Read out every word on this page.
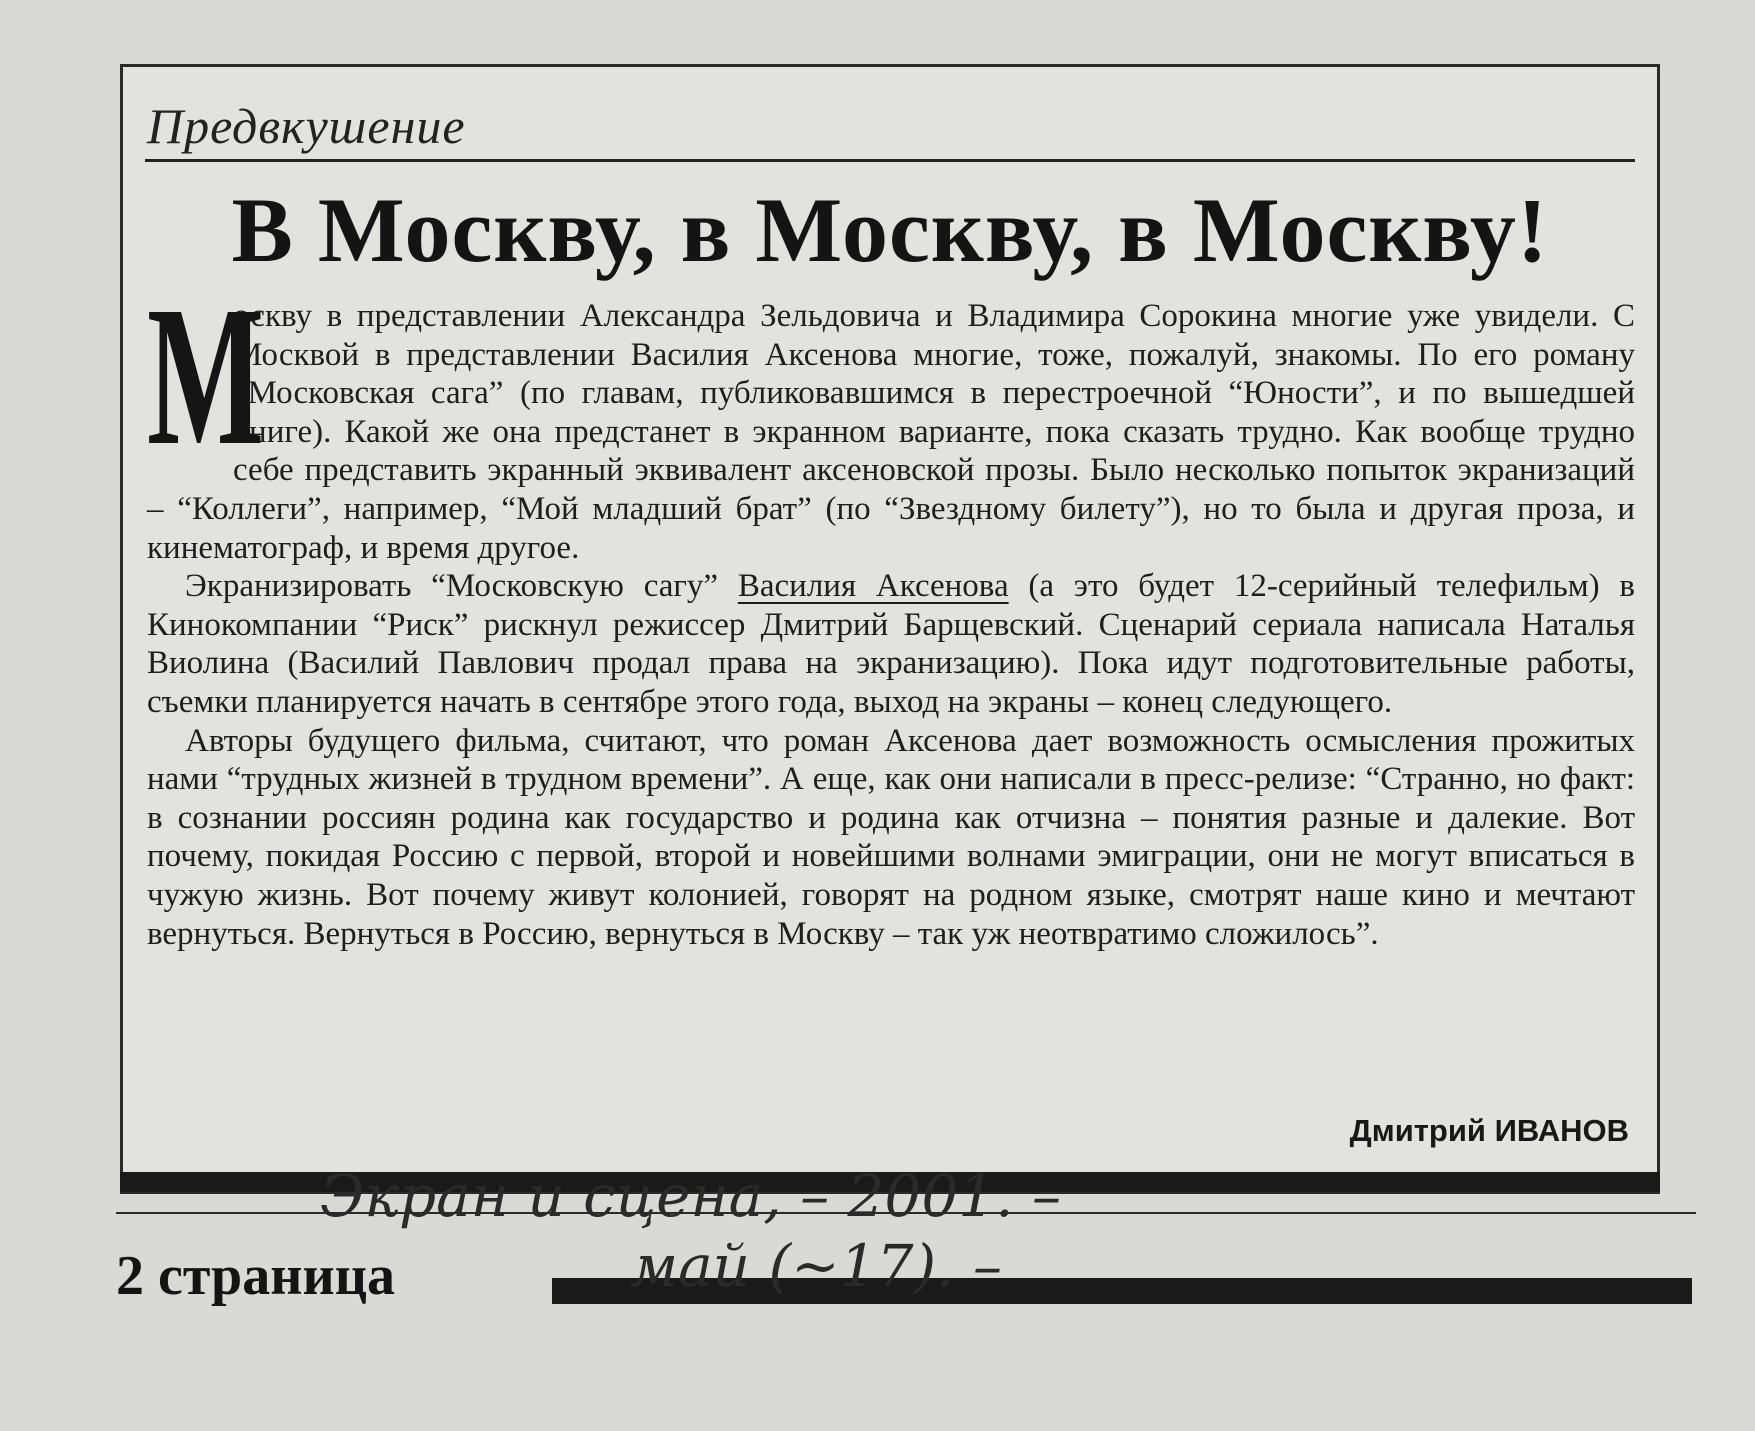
Предвкушение
В Москву, в Москву, в Москву!

М
оскву в представлении Александра Зельдовича и Владимира Сорокина многие уже увидели. С Москвой в представлении Василия Аксенова многие, тоже, пожалуй, знакомы. По его роману “Московская сага” (по главам, публиковавшимся в перестроечной “Юности”, и по вышедшей книге). Какой же она предстанет в экранном варианте, пока сказать трудно. Как вообще трудно себе представить экранный эквивалент аксеновской прозы. Было несколько попыток экранизаций – “Коллеги”, например, “Мой младший брат” (по “Звездному билету”), но то была и другая проза, и кинематограф, и время другое.

Экранизировать “Московскую сагу” Василия Аксенова (а это будет 12-серийный телефильм) в Кинокомпании “Риск” рискнул режиссер Дмитрий Барщевский. Сценарий сериала написала Наталья Виолина (Василий Павлович продал права на экранизацию). Пока идут подготовительные работы, съемки планируется начать в сентябре этого года, выход на экраны – конец следующего.

Авторы будущего фильма, считают, что роман Аксенова дает возможность осмысления прожитых нами “трудных жизней в трудном времени”. А еще, как они написали в пресс-релизе: “Странно, но факт: в сознании россиян родина как государство и родина как отчизна – понятия разные и далекие. Вот почему, покидая Россию с первой, второй и новейшими волнами эмиграции, они не могут вписаться в чужую жизнь. Вот почему живут колонией, говорят на родном языке, смотрят наше кино и мечтают вернуться. Вернуться в Россию, вернуться в Москву – так уж неотвратимо сложилось”.

Дмитрий ИВАНОВ
2 страница
Экран и сцена, – 2001. –
май (~17). –
